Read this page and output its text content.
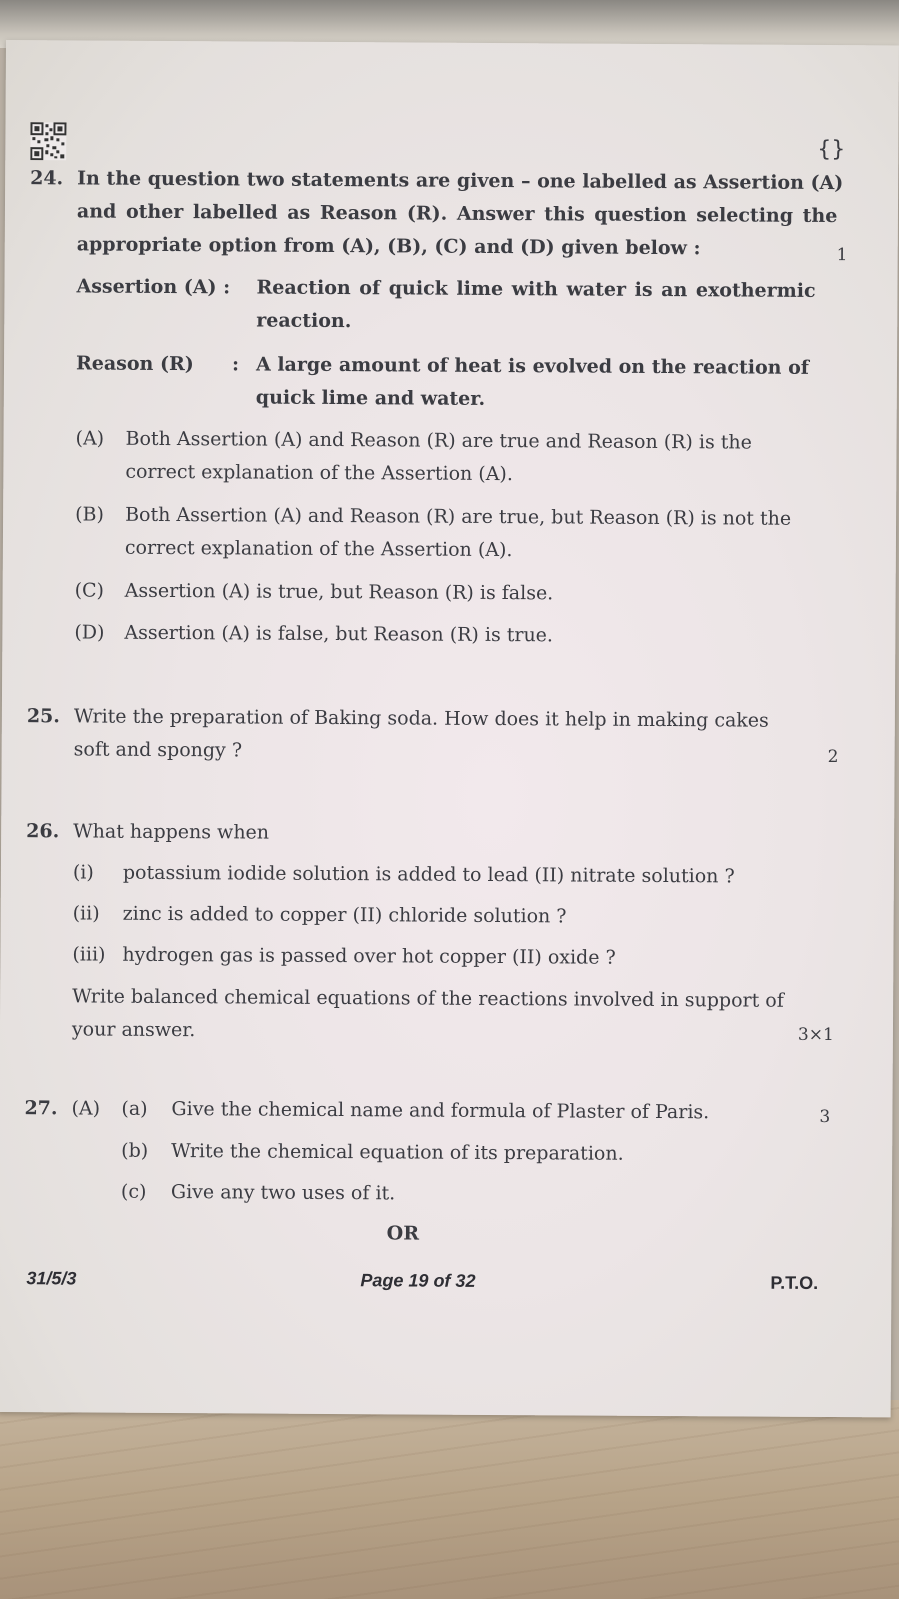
{}
24. In the question two statements are given – one labelled as Assertion (A)
and other labelled as Reason (R). Answer this question selecting the
appropriate option from (A), (B), (C) and (D) given below :	1
Assertion (A) : Reaction of quick lime with water is an exothermic
reaction.
Reason (R) : A large amount of heat is evolved on the reaction of
quick lime and water.
(A) Both Assertion (A) and Reason (R) are true and Reason (R) is the
correct explanation of the Assertion (A).
(B) Both Assertion (A) and Reason (R) are true, but Reason (R) is not the
correct explanation of the Assertion (A).
(C) Assertion (A) is true, but Reason (R) is false.
(D) Assertion (A) is false, but Reason (R) is true.
25. Write the preparation of Baking soda. How does it help in making cakes
soft and spongy ?	2
26. What happens when
(i) potassium iodide solution is added to lead (II) nitrate solution ?
(ii) zinc is added to copper (II) chloride solution ?
(iii) hydrogen gas is passed over hot copper (II) oxide ?
Write balanced chemical equations of the reactions involved in support of
your answer.	3×1
27. (A) (a) Give the chemical name and formula of Plaster of Paris.	3
(b) Write the chemical equation of its preparation.
(c) Give any two uses of it.
OR
31/5/3	Page 19 of 32	P.T.O.
